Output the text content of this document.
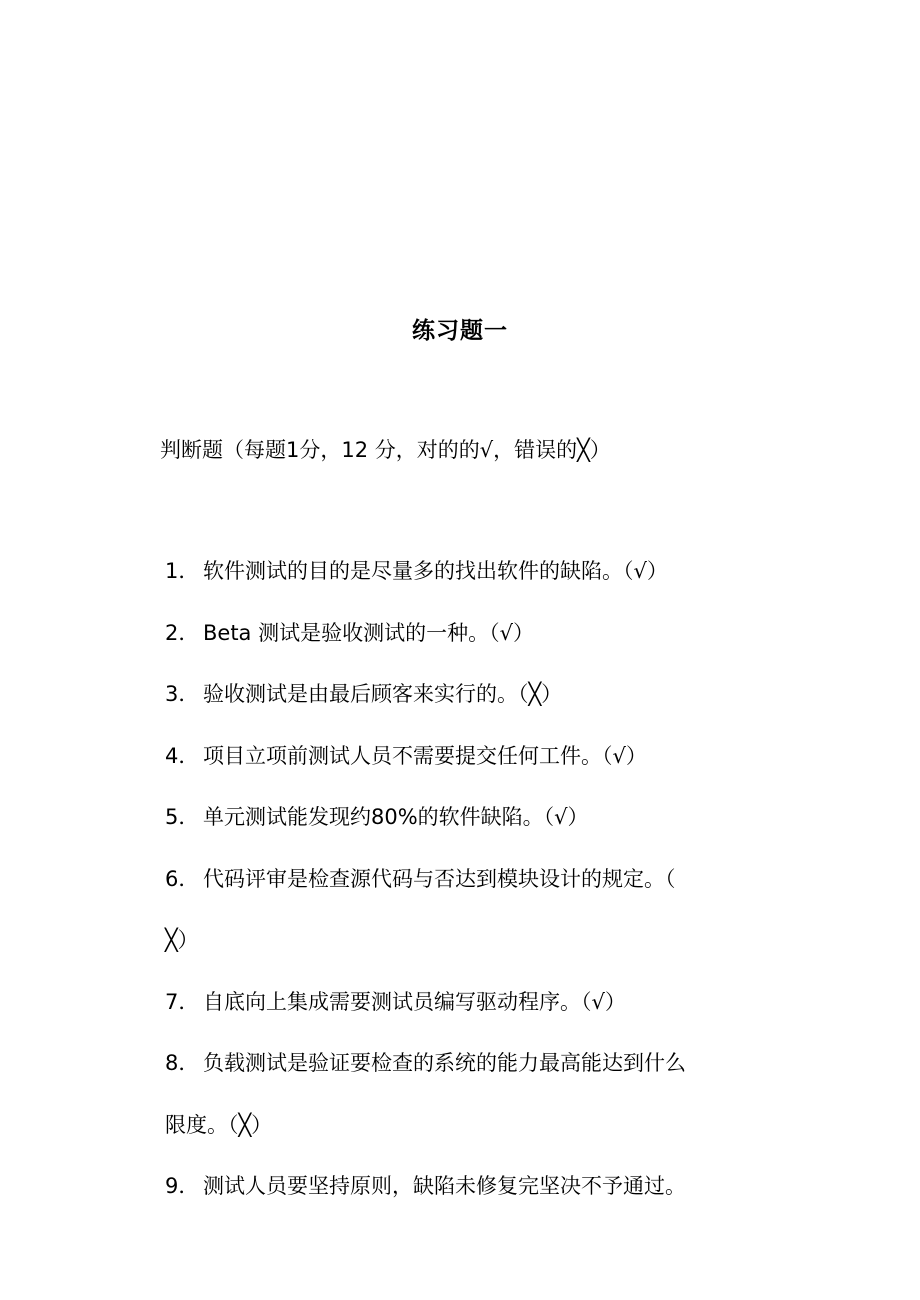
练习题一
判断题（每题1分，12 分，对的的√，错误的╳）
1． 软件测试的目的是尽量多的找出软件的缺陷。（√）
2． Beta 测试是验收测试的一种。（√）
3． 验收测试是由最后顾客来实行的。（╳）
4． 项目立项前测试人员不需要提交任何工件。（√）
5． 单元测试能发现约80%的软件缺陷。（√）
6． 代码评审是检查源代码与否达到模块设计的规定。（
╳）
7． 自底向上集成需要测试员编写驱动程序。（√）
8． 负载测试是验证要检查的系统的能力最高能达到什么
限度。（╳）
9． 测试人员要坚持原则，缺陷未修复完坚决不予通过。
